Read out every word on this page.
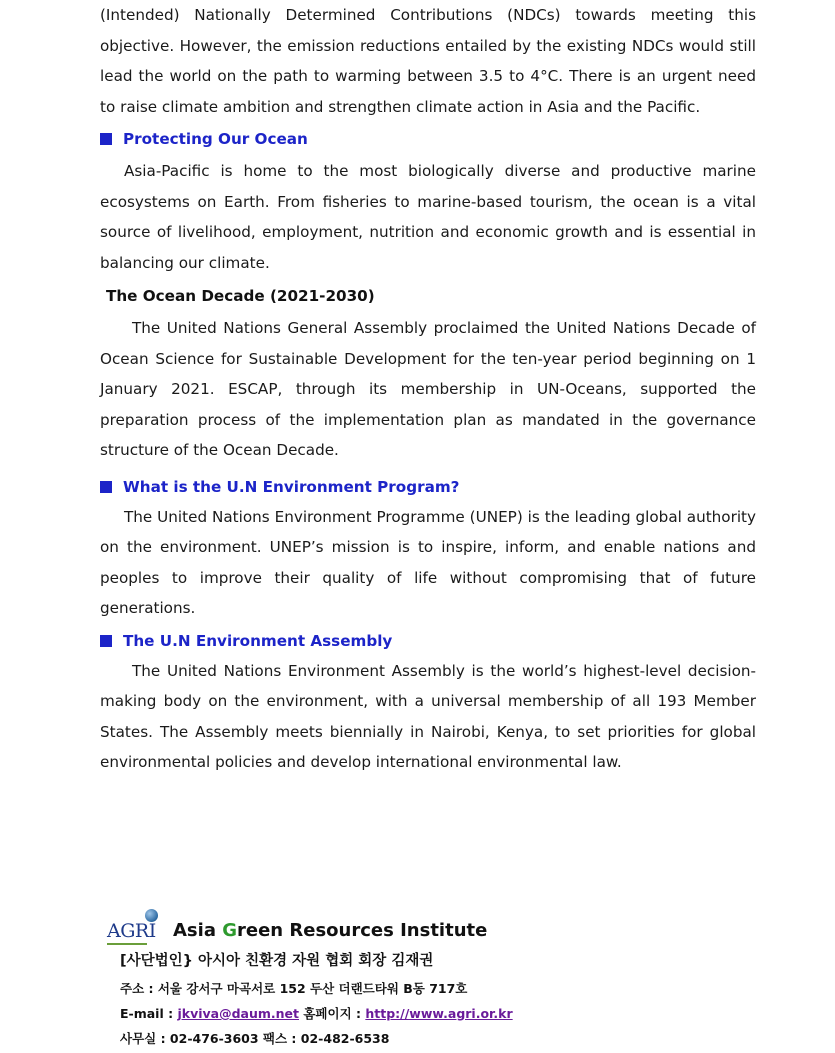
(Intended) Nationally Determined Contributions (NDCs) towards meeting this objective. However, the emission reductions entailed by the existing NDCs would still lead the world on the path to warming between 3.5 to 4°C. There is an urgent need to raise climate ambition and strengthen climate action in Asia and the Pacific.

Protecting Our Ocean

Asia-Pacific is home to the most biologically diverse and productive marine ecosystems on Earth. From fisheries to marine-based tourism, the ocean is a vital source of livelihood, employment, nutrition and economic growth and is essential in balancing our climate.

The Ocean Decade (2021-2030)

The United Nations General Assembly proclaimed the United Nations Decade of Ocean Science for Sustainable Development for the ten-year period beginning on 1 January 2021. ESCAP, through its membership in UN-Oceans, supported the preparation process of the implementation plan as mandated in the governance structure of the Ocean Decade.

What is the U.N Environment Program?

The United Nations Environment Programme (UNEP) is the leading global authority on the environment. UNEP’s mission is to inspire, inform, and enable nations and peoples to improve their quality of life without compromising that of future generations.

The U.N Environment Assembly

The United Nations Environment Assembly is the world’s highest-level decision-making body on the environment, with a universal membership of all 193 Member States. The Assembly meets biennially in Nairobi, Kenya, to set priorities for global environmental policies and develop international environmental law.

AGRI Asia Green Resources Institute
[사단법인} 아시아 친환경 자원 협회 회장 김재권
주소 : 서울 강서구 마곡서로 152 두산 더랜드타워 B동 717호
E-mail : jkviva@daum.net 홈페이지 : http://www.agri.or.kr
사무실 : 02-476-3603 팩스 : 02-482-6538
